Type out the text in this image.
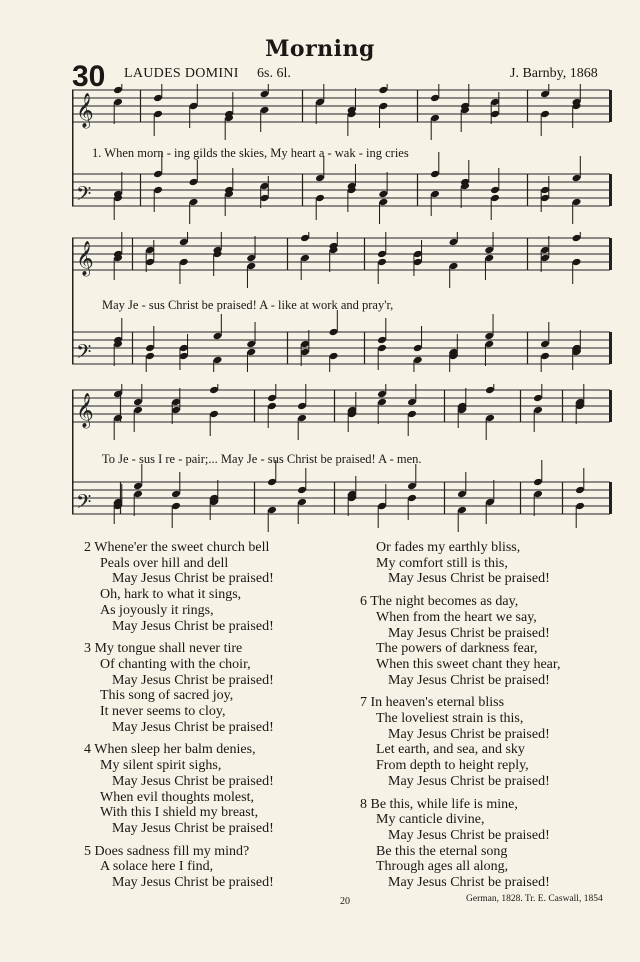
Morning
30 LAUDES DOMINI 6s. 6l.	J. Barnby, 1868
𝄞
𝄢
1. When morn - ing gilds the skies, My heart a - wak - ing cries
𝄞
𝄢
May Je - sus Christ be praised! A - like at work and pray'r,
𝄞
𝄢
To Je - sus I re - pair;... May Je - sus Christ be praised! A - men.
2 Whene'er the sweet church bell
Peals over hill and dell
May Jesus Christ be praised!
Oh, hark to what it sings,
As joyously it rings,
May Jesus Christ be praised!
3 My tongue shall never tire
Of chanting with the choir,
May Jesus Christ be praised!
This song of sacred joy,
It never seems to cloy,
May Jesus Christ be praised!
4 When sleep her balm denies,
My silent spirit sighs,
May Jesus Christ be praised!
When evil thoughts molest,
With this I shield my breast,
May Jesus Christ be praised!
5 Does sadness fill my mind?
A solace here I find,
May Jesus Christ be praised!
Or fades my earthly bliss,
My comfort still is this,
May Jesus Christ be praised!
6 The night becomes as day,
When from the heart we say,
May Jesus Christ be praised!
The powers of darkness fear,
When this sweet chant they hear,
May Jesus Christ be praised!
7 In heaven's eternal bliss
The loveliest strain is this,
May Jesus Christ be praised!
Let earth, and sea, and sky
From depth to height reply,
May Jesus Christ be praised!
8 Be this, while life is mine,
My canticle divine,
May Jesus Christ be praised!
Be this the eternal song
Through ages all along,
May Jesus Christ be praised!
20	German, 1828. Tr. E. Caswall, 1854
